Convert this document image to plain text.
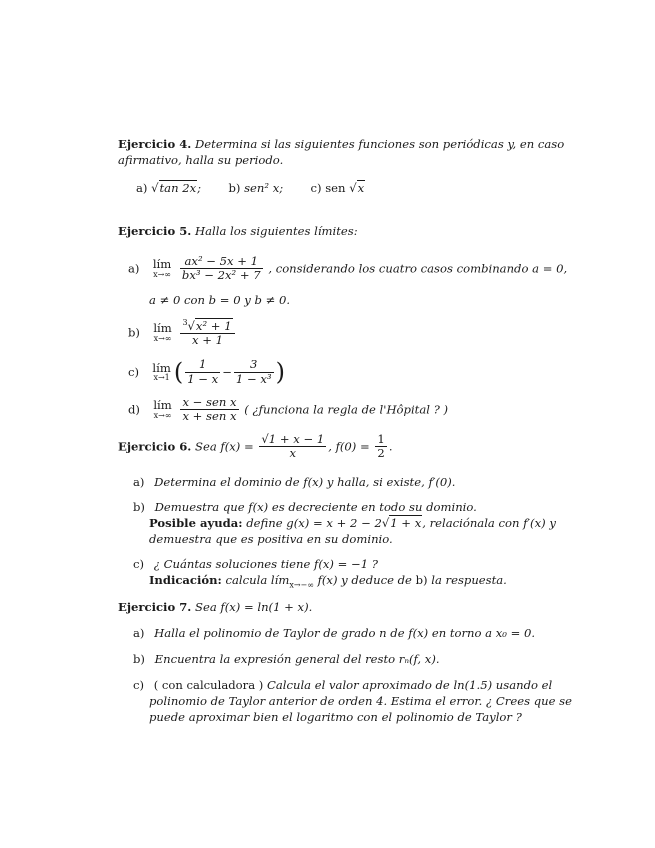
Ejercicio 4. Determina si las siguientes funciones son periódicas y, en caso
afirmativo, halla su periodo.
a) √tan 2x; b) sen² x; c) sen √x
Ejercicio 5. Halla los siguientes límites:
a) lím
x→∞
$\frac{\text{ax² − 5x + 1}}{\text{bx³ − 2x² + 7}}$ , considerando los cuatro casos combinando a = 0,
a ≠ 0 con b = 0 y b ≠ 0.
b) lím
x→∞
$\frac{^3√x^2 + 1}{x + 1}$
c) lím
x→1 ( $\frac{1}{1 - x} - \frac{3}{\text{1 − x³}}$ )
d) lím
x→∞
$\frac{\text{x − sen x}}{\text{x + sen x}}$ ( ¿funciona la regla de l'Hôpital ? )
Ejercicio 6. Sea $f(x) = \frac{√1 + x - 1}{x}$ , $f(0) = \frac{1}{2}$ .
a) Determina el dominio de f(x) y halla, si existe, f′(0).
b) Demuestra que f(x) es decreciente en todo su dominio.
Posible ayuda: define g(x) = x + 2 − 2√1 + x, relaciónala con f′(x) y
demuestra que es positiva en su dominio.
c) ¿ Cuántas soluciones tiene f(x) = −1 ?
Indicación: calcula lím$_{x\to-\infty}$ f(x) y deduce de b) la respuesta.
Ejercicio 7. Sea f(x) = ln(1 + x).
a) Halla el polinomio de Taylor de grado n de f(x) en torno a x₀ = 0.
b) Encuentra la expresión general del resto rₙ(f, x).
c) ( con calculadora ) Calcula el valor aproximado de ln(1.5) usando el
polinomio de Taylor anterior de orden 4. Estima el error. ¿ Crees que se
puede aproximar bien el logaritmo con el polinomio de Taylor ?
